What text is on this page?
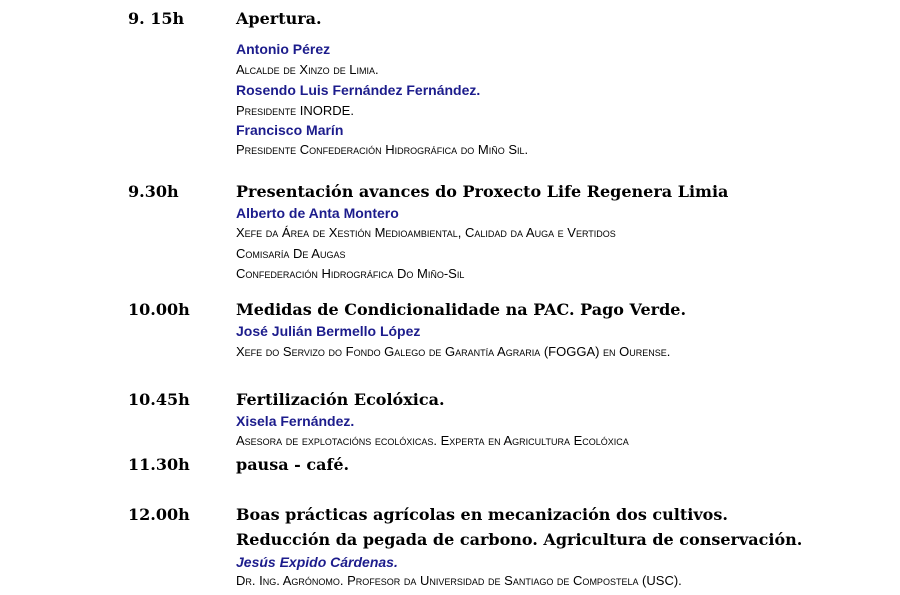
9. 15h	Apertura.
Antonio Pérez
Alcalde de Xinzo de Limia.
Rosendo Luis Fernández Fernández.
Presidente INORDE.
Francisco Marín
Presidente Confederación Hidrográfica do Miño Sil.
9.30h	Presentación avances do Proxecto Life Regenera Limia
Alberto de Anta Montero
Xefe da Área de Xestión Medioambiental, Calidad da Auga e Vertidos
Comisaría De Augas
Confederación Hidrográfica Do Miño-Sil
10.00h	Medidas de Condicionalidade na PAC. Pago Verde.
José Julián Bermello López
Xefe do Servizo do Fondo Galego de Garantía Agraria (FOGGA) en Ourense.
10.45h	Fertilización Ecolóxica.
Xisela Fernández.
Asesora de explotacións ecolóxicas. Experta en Agricultura Ecolóxica
11.30h	pausa - café.
12.00h	Boas prácticas agrícolas en mecanización dos cultivos.
Reducción da pegada de carbono. Agricultura de conservación.
Jesús Expido Cárdenas.
Dr. Ing. Agrónomo. Profesor da Universidad de Santiago de Compostela (USC).
